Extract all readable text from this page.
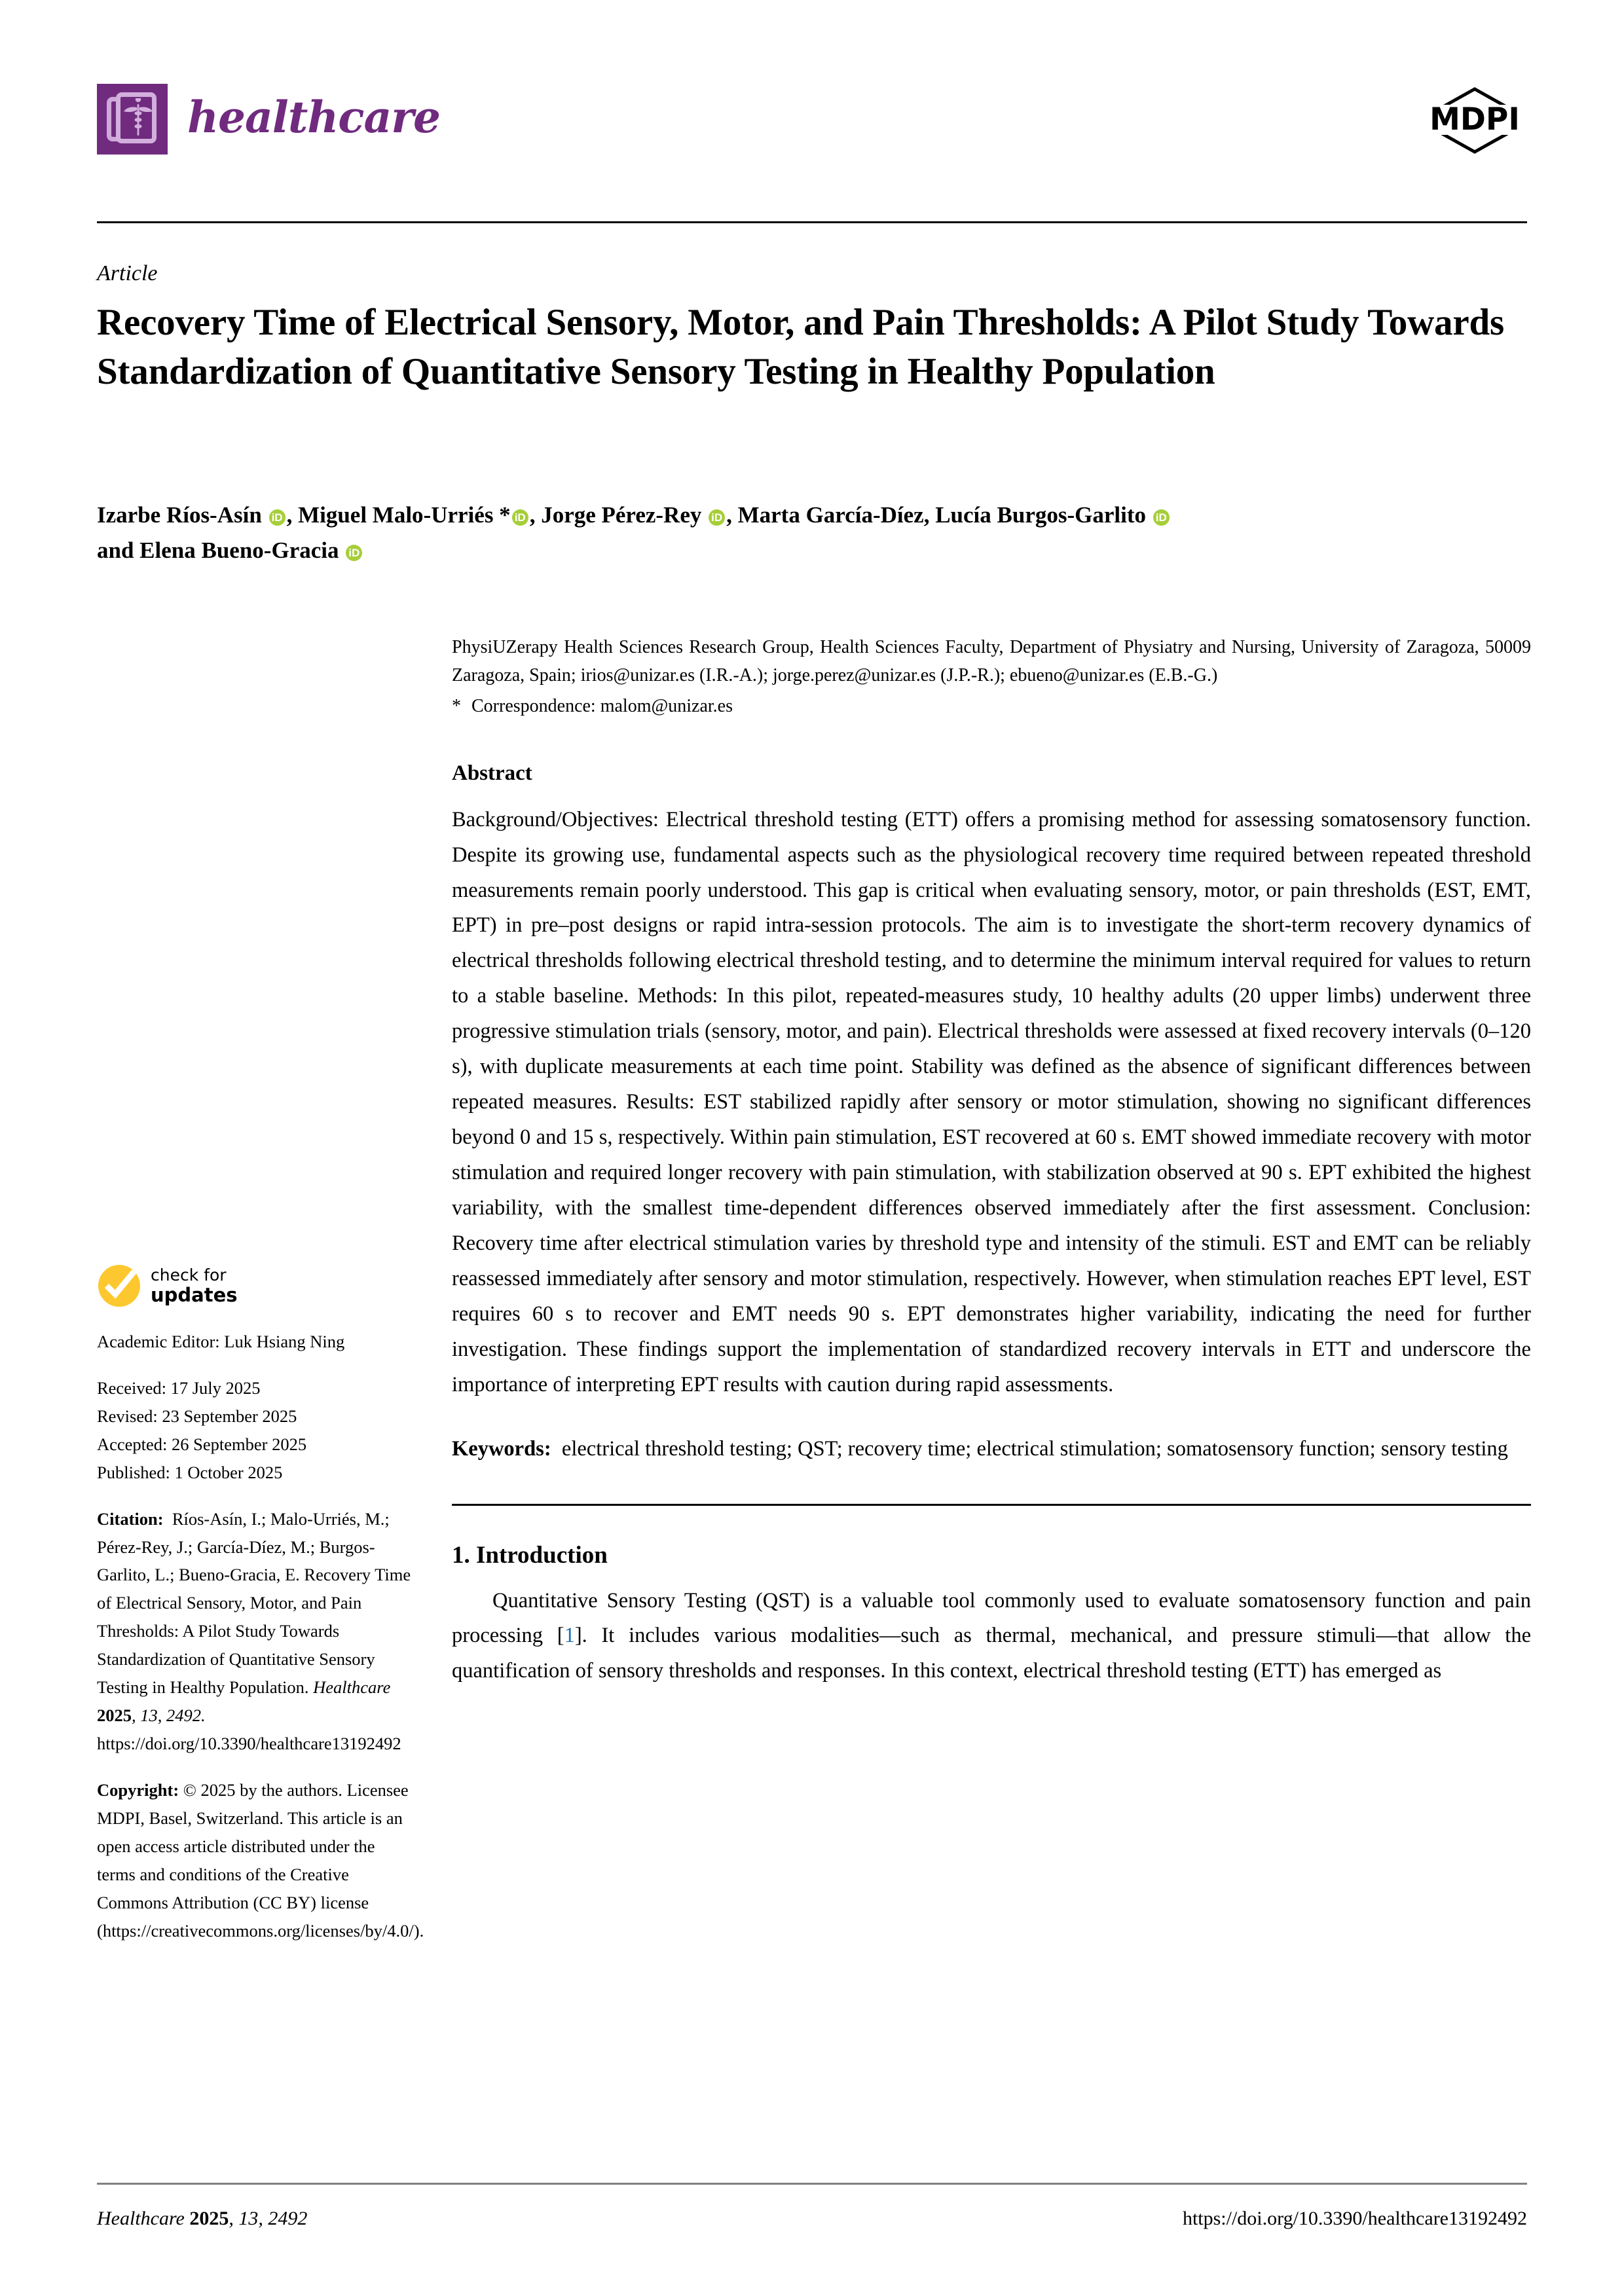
healthcare	MDPI
Article
Recovery Time of Electrical Sensory, Motor, and Pain Thresholds: A Pilot Study Towards Standardization of Quantitative Sensory Testing in Healthy Population
Izarbe Ríos-Asín iD , Miguel Malo-Urriés * iD , Jorge Pérez-Rey iD , Marta García-Díez, Lucía Burgos-Garlito iD
and Elena Bueno-Gracia iD
check for
updates
Academic Editor: Luk Hsiang Ning
Received: 17 July 2025
Revised: 23 September 2025
Accepted: 26 September 2025
Published: 1 October 2025
Citation: Ríos-Asín, I.; Malo-Urriés, M.; Pérez-Rey, J.; García-Díez, M.; Burgos-Garlito, L.; Bueno-Gracia, E. Recovery Time of Electrical Sensory, Motor, and Pain Thresholds: A Pilot Study Towards Standardization of Quantitative Sensory Testing in Healthy Population. Healthcare 2025, 13, 2492. https://doi.org/10.3390/healthcare13192492
Copyright: © 2025 by the authors. Licensee MDPI, Basel, Switzerland. This article is an open access article distributed under the terms and conditions of the Creative Commons Attribution (CC BY) license (https://creativecommons.org/licenses/by/4.0/).
PhysiUZerapy Health Sciences Research Group, Health Sciences Faculty, Department of Physiatry and Nursing, University of Zaragoza, 50009 Zaragoza, Spain; irios@unizar.es (I.R.-A.); jorge.perez@unizar.es (J.P.-R.); ebueno@unizar.es (E.B.-G.)
* Correspondence: malom@unizar.es
Abstract
Background/Objectives: Electrical threshold testing (ETT) offers a promising method for assessing somatosensory function. Despite its growing use, fundamental aspects such as the physiological recovery time required between repeated threshold measurements remain poorly understood. This gap is critical when evaluating sensory, motor, or pain thresholds (EST, EMT, EPT) in pre–post designs or rapid intra-session protocols. The aim is to investigate the short-term recovery dynamics of electrical thresholds following electrical threshold testing, and to determine the minimum interval required for values to return to a stable baseline. Methods: In this pilot, repeated-measures study, 10 healthy adults (20 upper limbs) underwent three progressive stimulation trials (sensory, motor, and pain). Electrical thresholds were assessed at fixed recovery intervals (0–120 s), with duplicate measurements at each time point. Stability was defined as the absence of significant differences between repeated measures. Results: EST stabilized rapidly after sensory or motor stimulation, showing no significant differences beyond 0 and 15 s, respectively. Within pain stimulation, EST recovered at 60 s. EMT showed immediate recovery with motor stimulation and required longer recovery with pain stimulation, with stabilization observed at 90 s. EPT exhibited the highest variability, with the smallest time-dependent differences observed immediately after the first assessment. Conclusion: Recovery time after electrical stimulation varies by threshold type and intensity of the stimuli. EST and EMT can be reliably reassessed immediately after sensory and motor stimulation, respectively. However, when stimulation reaches EPT level, EST requires 60 s to recover and EMT needs 90 s. EPT demonstrates higher variability, indicating the need for further investigation. These findings support the implementation of standardized recovery intervals in ETT and underscore the importance of interpreting EPT results with caution during rapid assessments.
Keywords: electrical threshold testing; QST; recovery time; electrical stimulation; somatosensory function; sensory testing
1. Introduction
Quantitative Sensory Testing (QST) is a valuable tool commonly used to evaluate somatosensory function and pain processing [1]. It includes various modalities—such as thermal, mechanical, and pressure stimuli—that allow the quantification of sensory thresholds and responses. In this context, electrical threshold testing (ETT) has emerged as
Healthcare 2025, 13, 2492	https://doi.org/10.3390/healthcare13192492
